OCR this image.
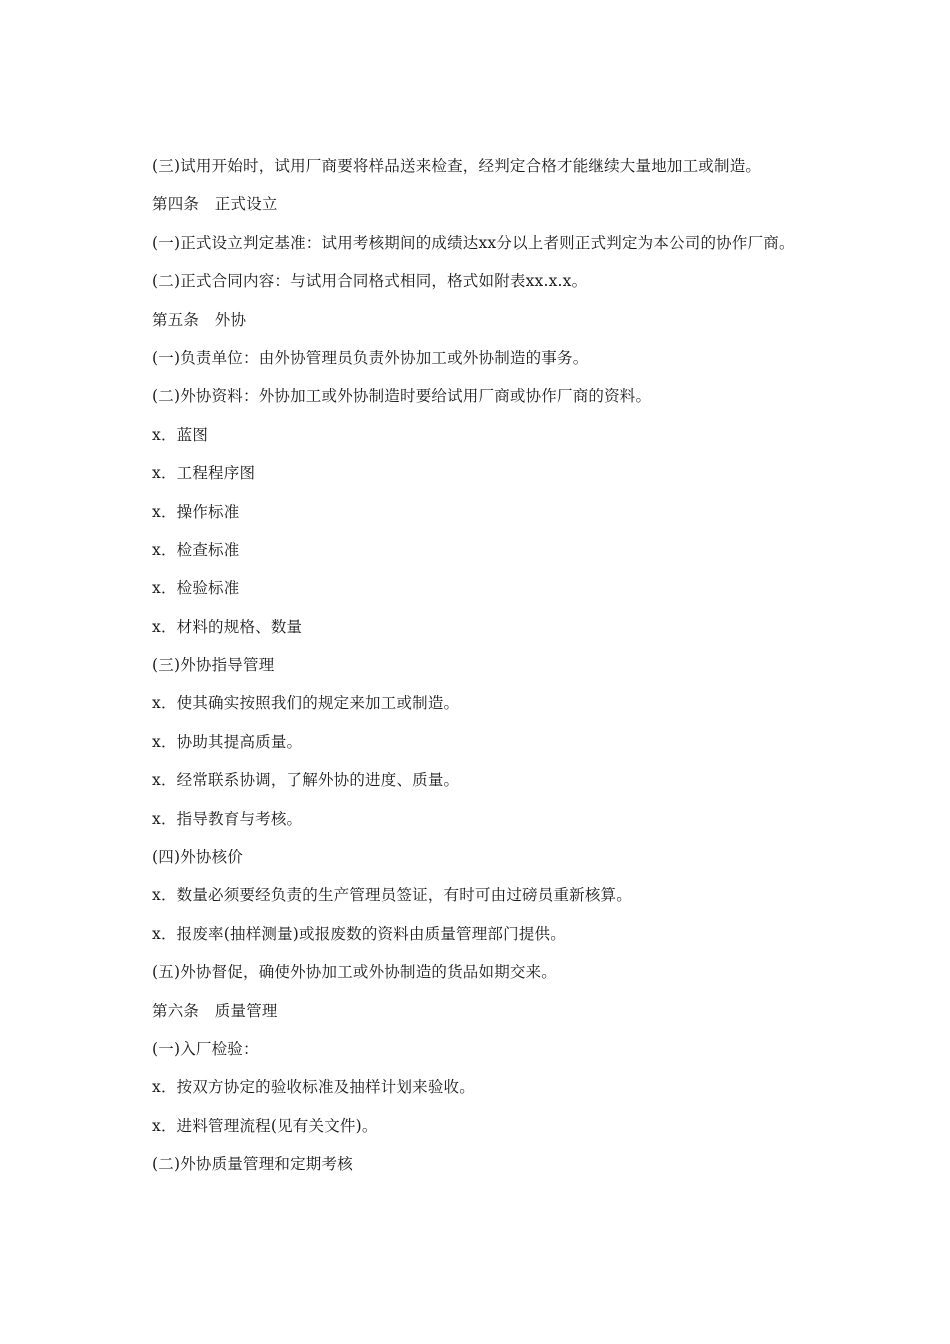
(三)试用开始时，试用厂商要将样品送来检查，经判定合格才能继续大量地加工或制造。
第四条　正式设立
(一)正式设立判定基准：试用考核期间的成绩达xx分以上者则正式判定为本公司的协作厂商。
(二)正式合同内容：与试用合同格式相同，格式如附表xx.x.x。
第五条　外协
(一)负责单位：由外协管理员负责外协加工或外协制造的事务。
(二)外协资料：外协加工或外协制造时要给试用厂商或协作厂商的资料。
x．蓝图
x．工程程序图
x．操作标准
x．检查标准
x．检验标准
x．材料的规格、数量
(三)外协指导管理
x．使其确实按照我们的规定来加工或制造。
x．协助其提高质量。
x．经常联系协调，了解外协的进度、质量。
x．指导教育与考核。
(四)外协核价
x．数量必须要经负责的生产管理员签证，有时可由过磅员重新核算。
x．报废率(抽样测量)或报废数的资料由质量管理部门提供。
(五)外协督促，确使外协加工或外协制造的货品如期交来。
第六条　质量管理
(一)入厂检验：
x．按双方协定的验收标准及抽样计划来验收。
x．进料管理流程(见有关文件)。
(二)外协质量管理和定期考核
